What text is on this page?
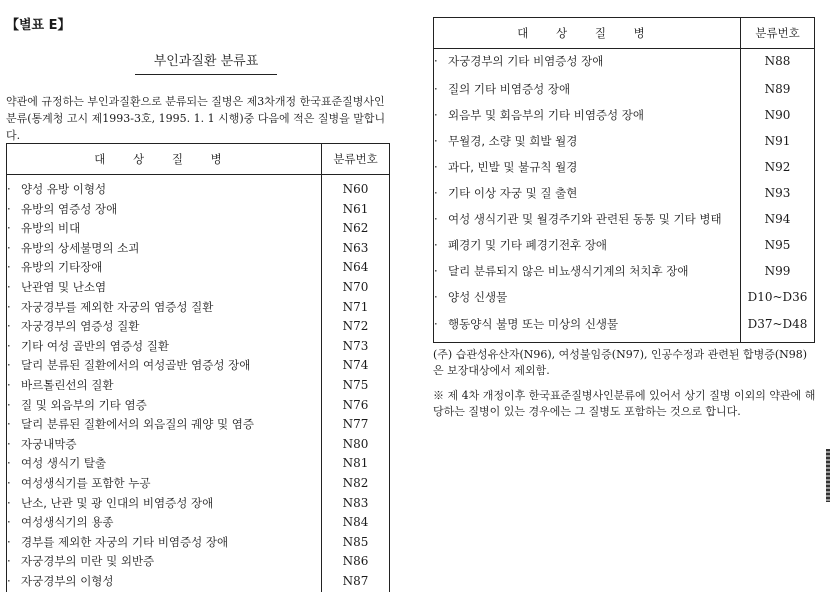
【별표 E】
부인과질환 분류표
약관에 규정하는 부인과질환으로 분류되는 질병은 제3차개정 한국표준질병사인분류(통계청 고시 제1993-3호, 1995. 1. 1 시행)중 다음에 적은 질병을 말합니다.
대 상 질 병	분류번호
· 양성 유방 이형성	N60
· 유방의 염증성 장애	N61
· 유방의 비대	N62
· 유방의 상세불명의 소괴	N63
· 유방의 기타장애	N64
· 난관염 및 난소염	N70
· 자궁경부를 제외한 자궁의 염증성 질환	N71
· 자궁경부의 염증성 질환	N72
· 기타 여성 골반의 염증성 질환	N73
· 달리 분류된 질환에서의 여성골반 염증성 장애	N74
· 바르톨린선의 질환	N75
· 질 및 외음부의 기타 염증	N76
· 달리 분류된 질환에서의 외음질의 궤양 및 염증	N77
· 자궁내막증	N80
· 여성 생식기 탈출	N81
· 여성생식기를 포함한 누공	N82
· 난소, 난관 및 광 인대의 비염증성 장애	N83
· 여성생식기의 용종	N84
· 경부를 제외한 자궁의 기타 비염증성 장애	N85
· 자궁경부의 미란 및 외반증	N86
· 자궁경부의 이형성	N87

대 상 질 병	분류번호
· 자궁경부의 기타 비염증성 장애	N88
· 질의 기타 비염증성 장애	N89
· 외음부 및 회음부의 기타 비염증성 장애	N90
· 무월경, 소량 및 희발 월경	N91
· 과다, 빈발 및 불규칙 월경	N92
· 기타 이상 자궁 및 질 출현	N93
· 여성 생식기관 및 월경주기와 관련된 동통 및 기타 병태	N94
· 폐경기 및 기타 폐경기전후 장애	N95
· 달리 분류되지 않은 비뇨생식기계의 처치후 장애	N99
· 양성 신생물	D10~D36
· 행동양식 불명 또는 미상의 신생물	D37~D48

(주) 습관성유산자(N96), 여성불임증(N97), 인공수정과 관련된 합병증(N98)은 보장대상에서 제외함.
※ 제 4차 개정이후 한국표준질병사인분류에 있어서 상기 질병 이외의 약관에 해당하는 질병이 있는 경우에는 그 질병도 포함하는 것으로 합니다.
